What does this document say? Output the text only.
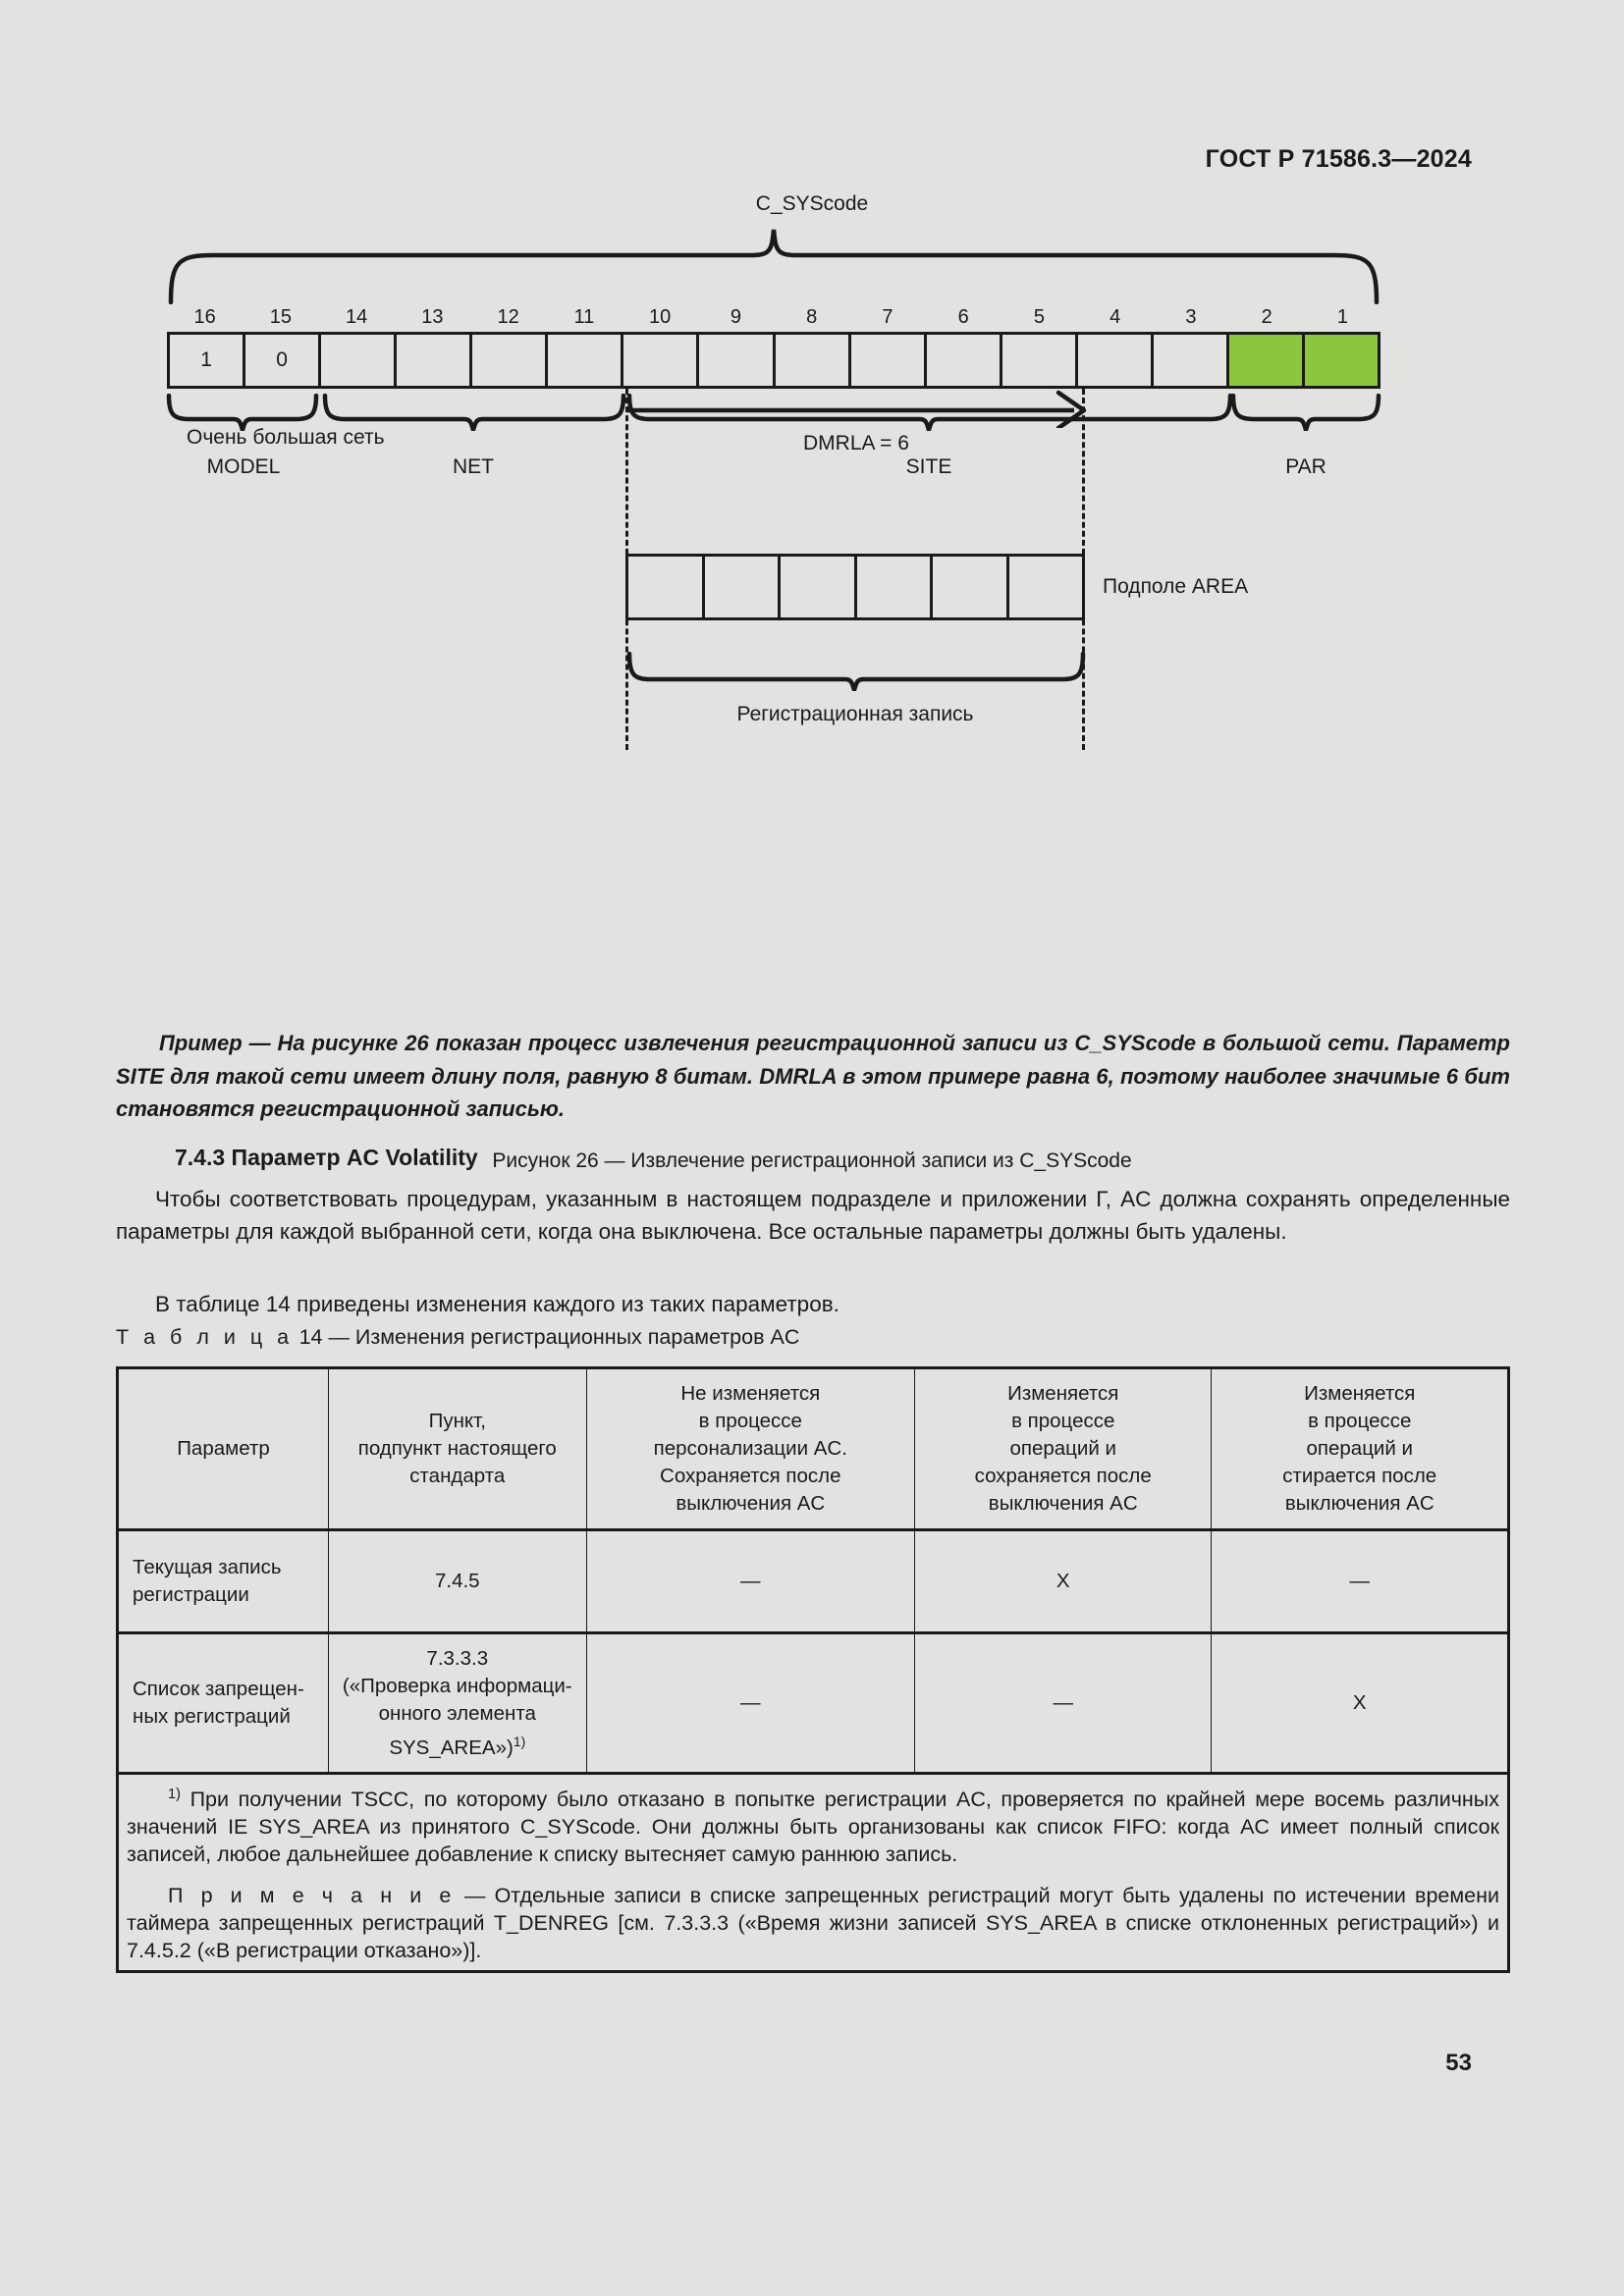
ГОСТ Р 71586.3—2024
C_SYScode
16	15	14	13	12	11	10	9	8	7	6	5	4	3	2	1
1	0
MODEL	NET	SITE	PAR
DMRLA = 6
Очень большая сеть
Подполе AREA
Регистрационная запись
Рисунок 26 — Извлечение регистрационной записи из C_SYScode

Пример — На рисунке 26 показан процесс извлечения регистрационной записи из C_SYScode в большой сети. Параметр SITE для такой сети имеет длину поля, равную 8 битам. DMRLA в этом примере равна 6, поэтому наиболее значимые 6 бит становятся регистрационной записью.

7.4.3 Параметр AC Volatility

Чтобы соответствовать процедурам, указанным в настоящем подразделе и приложении Г, AC должна сохранять определенные параметры для каждой выбранной сети, когда она выключена. Все остальные параметры должны быть удалены.

В таблице 14 приведены изменения каждого из таких параметров.

Т а б л и ц а 14 — Изменения регистрационных параметров AC
Параметр	Пункт,
подпункт настоящего
стандарта	Не изменяется
в процессе
персонализации AC.
Сохраняется после
выключения AC	Изменяется
в процессе
операций и
сохраняется после
выключения AC	Изменяется
в процессе
операций и
стирается после
выключения AC
Текущая запись
регистрации	7.4.5	—	X	—
Список запрещен-
ных регистраций	7.3.3.3
(«Проверка информаци-
онного элемента
SYS_AREA»)$^{1)}$	—	—	X

$^{1)}$ При получении TSCC, по которому было отказано в попытке регистрации AC, проверяется по крайней мере восемь различных значений IE SYS_AREA из принятого C_SYScode. Они должны быть организованы как список FIFO: когда AC имеет полный список записей, любое дальнейшее добавление к списку вытесняет самую раннюю запись.

П р и м е ч а н и е — Отдельные записи в списке запрещенных регистраций могут быть удалены по истечении времени таймера запрещенных регистраций T_DENREG [см. 7.3.3.3 («Время жизни записей SYS_AREA в списке отклоненных регистраций») и 7.4.5.2 («В регистрации отказано»)].				

53
